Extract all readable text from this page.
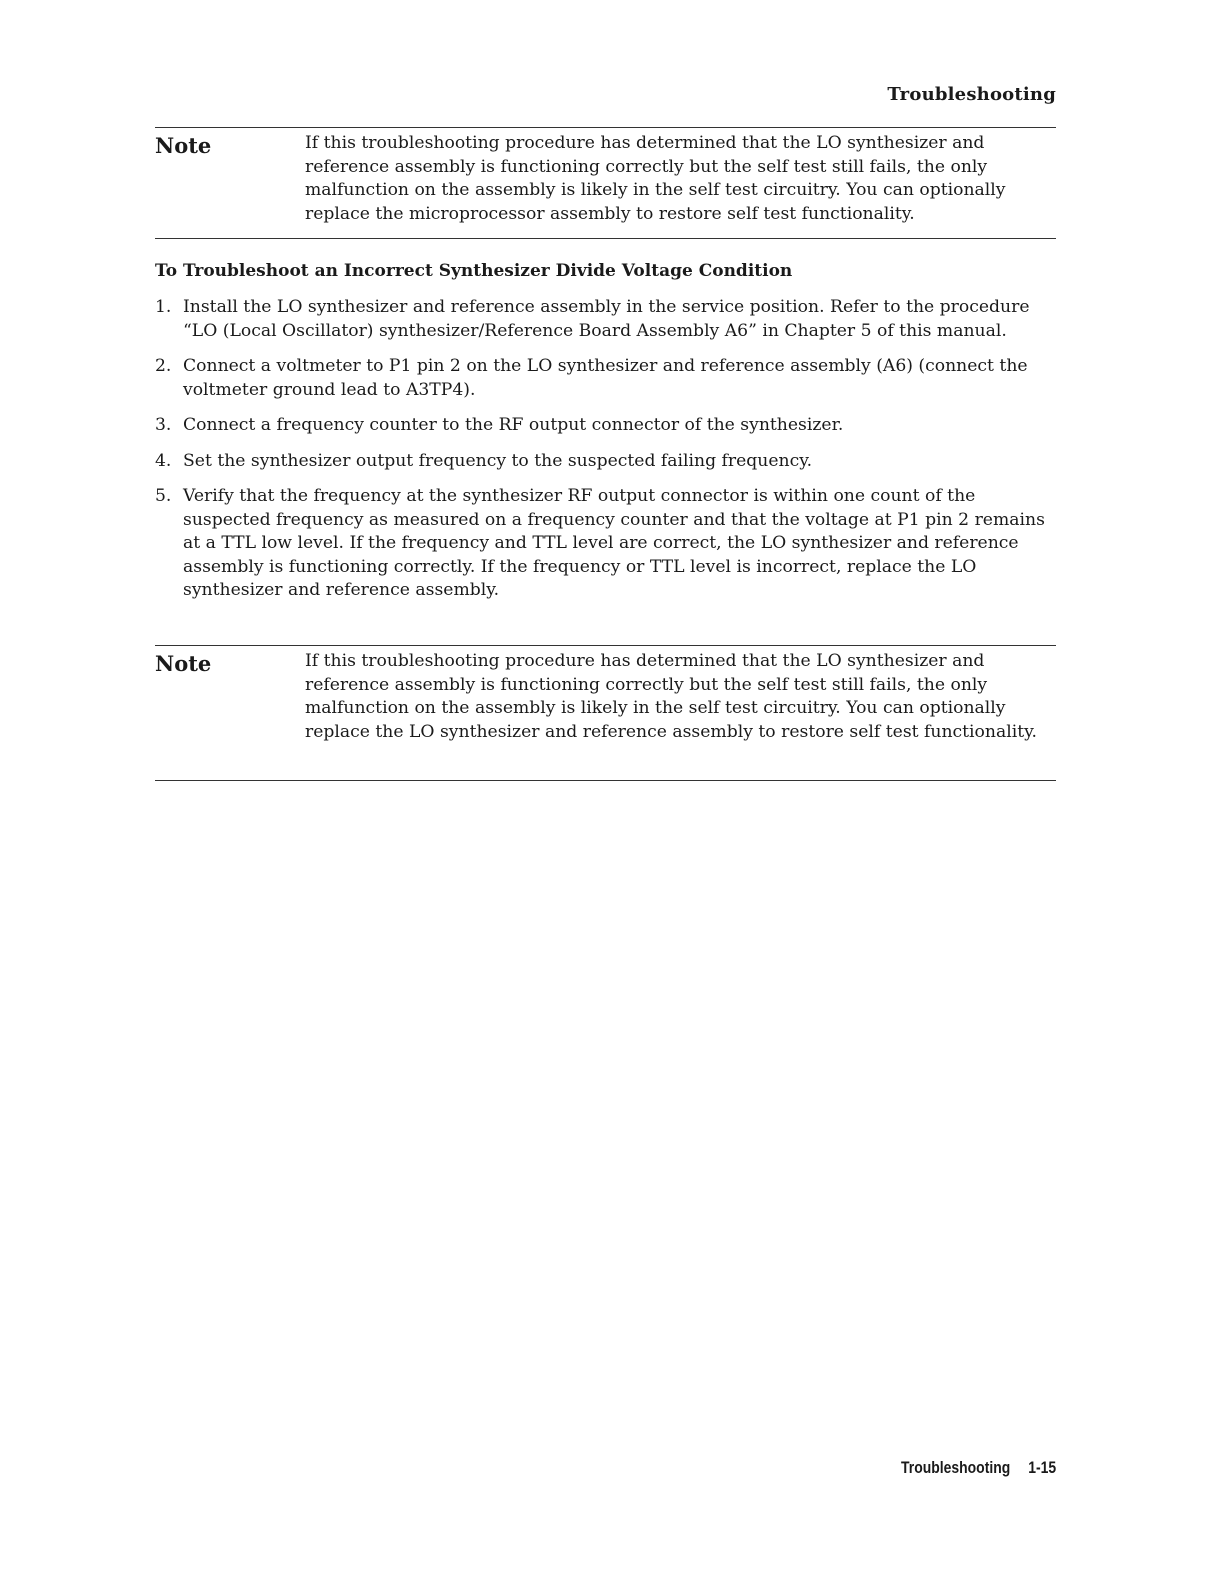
Troubleshooting
Note	If this troubleshooting procedure has determined that the LO synthesizer and reference assembly is functioning correctly but the self test still fails, the only malfunction on the assembly is likely in the self test circuitry. You can optionally replace the microprocessor assembly to restore self test functionality.
To Troubleshoot an Incorrect Synthesizer Divide Voltage Condition
1. Install the LO synthesizer and reference assembly in the service position. Refer to the procedure “LO (Local Oscillator) synthesizer/Reference Board Assembly A6” in Chapter 5 of this manual.
2. Connect a voltmeter to P1 pin 2 on the LO synthesizer and reference assembly (A6) (connect the voltmeter ground lead to A3TP4).
3. Connect a frequency counter to the RF output connector of the synthesizer.
4. Set the synthesizer output frequency to the suspected failing frequency.
5. Verify that the frequency at the synthesizer RF output connector is within one count of the suspected frequency as measured on a frequency counter and that the voltage at P1 pin 2 remains at a TTL low level. If the frequency and TTL level are correct, the LO synthesizer and reference assembly is functioning correctly. If the frequency or TTL level is incorrect, replace the LO synthesizer and reference assembly.
Note	If this troubleshooting procedure has determined that the LO synthesizer and reference assembly is functioning correctly but the self test still fails, the only malfunction on the assembly is likely in the self test circuitry. You can optionally replace the LO synthesizer and reference assembly to restore self test functionality.
Troubleshooting 1-15
